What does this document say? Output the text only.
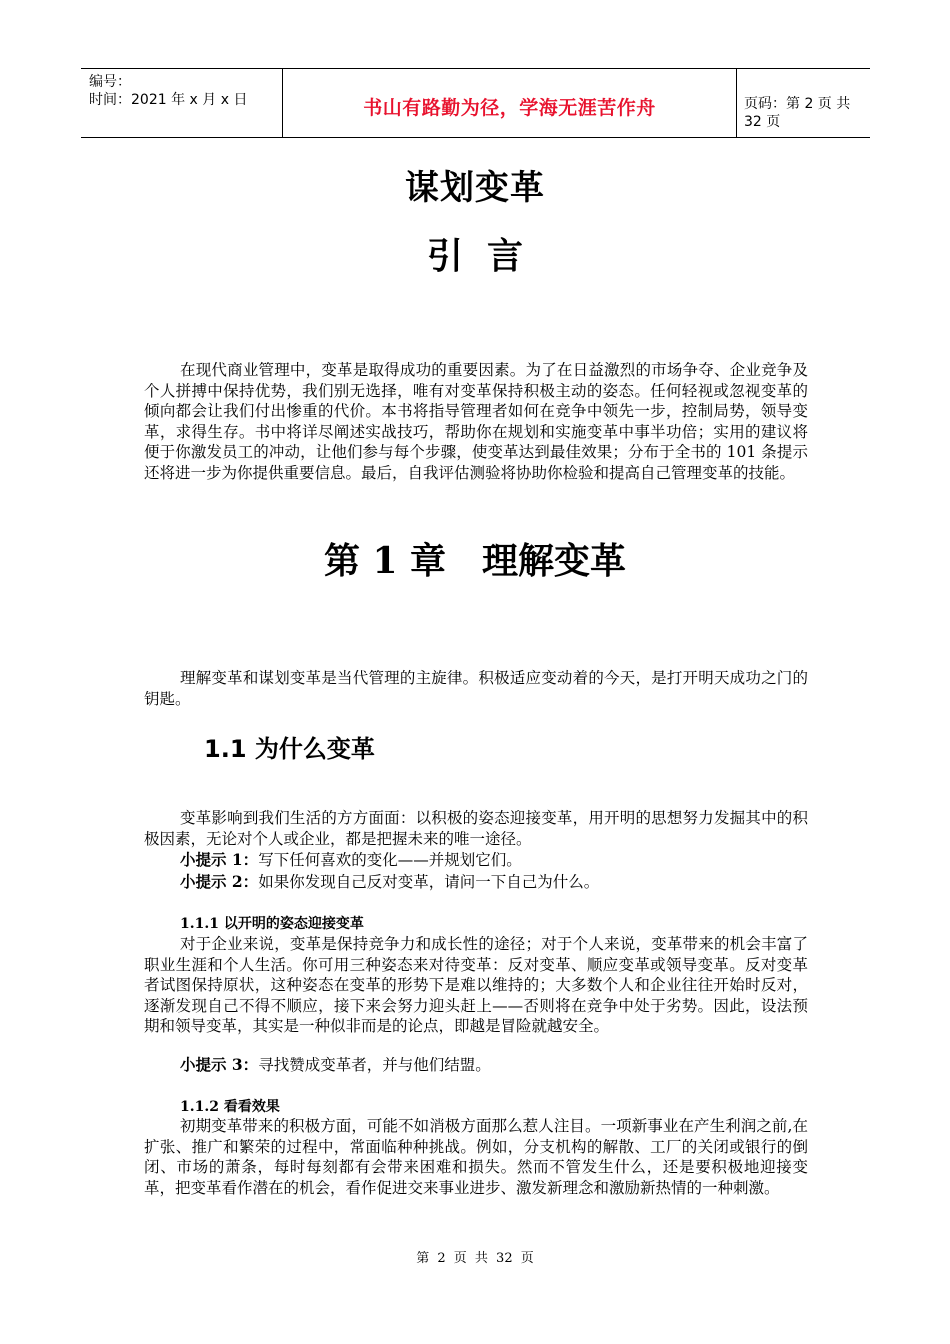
编号：
时间：2021 年 x 月 x 日	书山有路勤为径，学海无涯苦作舟	页码：第 2 页 共 32 页
谋划变革
引言
在现代商业管理中，变革是取得成功的重要因素。为了在日益激烈的市场争夺、企业竞争及个人拼搏中保持优势，我们别无选择，唯有对变革保持积极主动的姿态。任何轻视或忽视变革的倾向都会让我们付出惨重的代价。本书将指导管理者如何在竞争中领先一步，控制局势，领导变革，求得生存。书中将详尽阐述实战技巧，帮助你在规划和实施变革中事半功倍；实用的建议将便于你激发员工的冲动，让他们参与每个步骤，使变革达到最佳效果；分布于全书的 101 条提示还将进一步为你提供重要信息。最后，自我评估测验将协助你检验和提高自己管理变革的技能。
第 1 章　理解变革
理解变革和谋划变革是当代管理的主旋律。积极适应变动着的今天，是打开明天成功之门的钥匙。
1.1 为什么变革
变革影响到我们生活的方方面面：以积极的姿态迎接变革，用开明的思想努力发掘其中的积极因素，无论对个人或企业，都是把握未来的唯一途径。
小提示 1：写下任何喜欢的变化——并规划它们。
小提示 2：如果你发现自己反对变革，请问一下自己为什么。
1.1.1 以开明的姿态迎接变革
对于企业来说，变革是保持竞争力和成长性的途径；对于个人来说，变革带来的机会丰富了职业生涯和个人生活。你可用三种姿态来对待变革：反对变革、顺应变革或领导变革。反对变革者试图保持原状，这种姿态在变革的形势下是难以维持的；大多数个人和企业往往开始时反对，逐渐发现自己不得不顺应，接下来会努力迎头赶上——否则将在竞争中处于劣势。因此，设法预期和领导变革，其实是一种似非而是的论点，即越是冒险就越安全。
小提示 3：寻找赞成变革者，并与他们结盟。
1.1.2 看看效果
初期变革带来的积极方面，可能不如消极方面那么惹人注目。一项新事业在产生利润之前,在扩张、推广和繁荣的过程中，常面临种种挑战。例如，分支机构的解散、工厂的关闭或银行的倒闭、市场的萧条，每时每刻都有会带来困难和损失。然而不管发生什么，还是要积极地迎接变革，把变革看作潜在的机会，看作促进交来事业进步、激发新理念和激励新热情的一种刺激。
第 2 页 共 32 页
